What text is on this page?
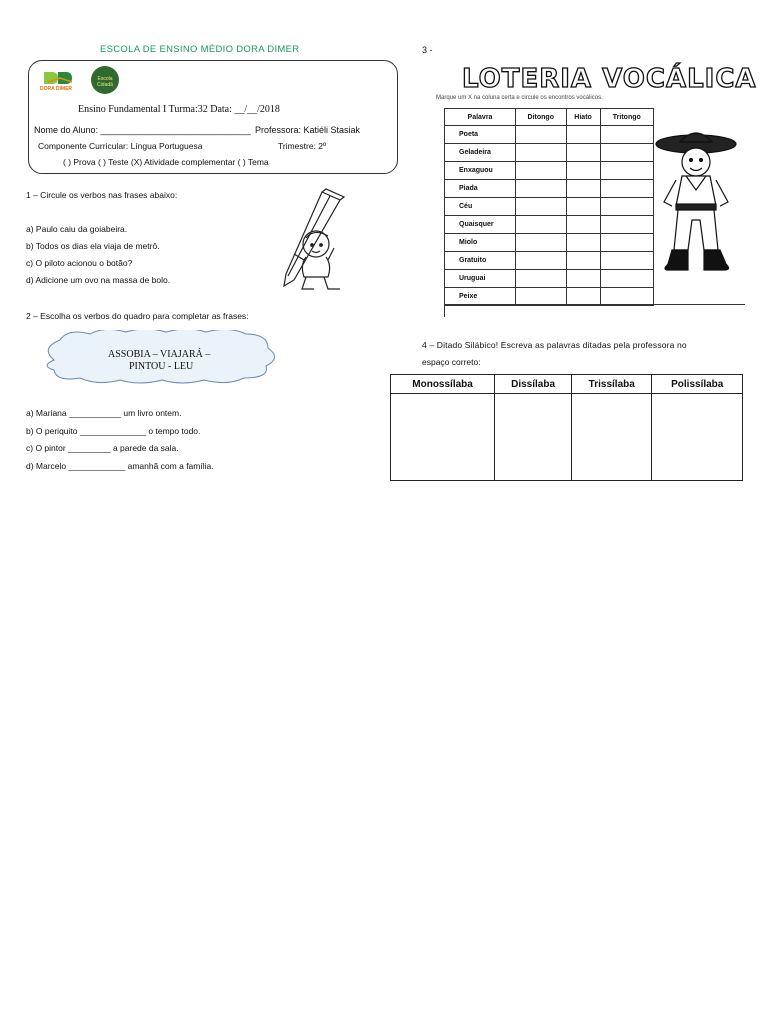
ESCOLA DE ENSINO MÉDIO DORA DIMER
DORA DIMER
Escola Cidadã
Ensino Fundamental I Turma:32 Data: __/__/2018
Nome do Aluno: ______________________________ Professora: Katiéli Stasiak
Componente Curricular: Língua Portuguesa	Trimestre: 2º
( ) Prova ( ) Teste (X) Atividade complementar ( ) Tema
1 – Circule os verbos nas frases abaixo:
a) Paulo caiu da goiabeira.
b) Todos os dias ela viaja de metrô.
c) O piloto acionou o botão?
d) Adicione um ovo na massa de bolo.
2 – Escolha os verbos do quadro para completar as frases:
ASSOBIA – VIAJARÁ –
PINTOU - LEU
a) Mariana ___________ um livro ontem.
b) O periquito ______________ o tempo todo.
c) O pintor _________ a parede da sala.
d) Marcelo ____________ amanhã com a família.
3 -
LOTERIA VOCÁLICA
Marque um X na coluna certa e circule os encontros vocálicos.
Palavra	Ditongo	Hiato	Tritongo
Poeta			
Geladeira			
Enxaguou			
Piada			
Céu			
Quaisquer			
Miolo			
Gratuito			
Uruguai			
Peixe			
4 – Ditado Silábico! Escreva as palavras ditadas pela professora no
espaço correto:
Monossílaba	Dissílaba	Trissílaba	Polissílaba
